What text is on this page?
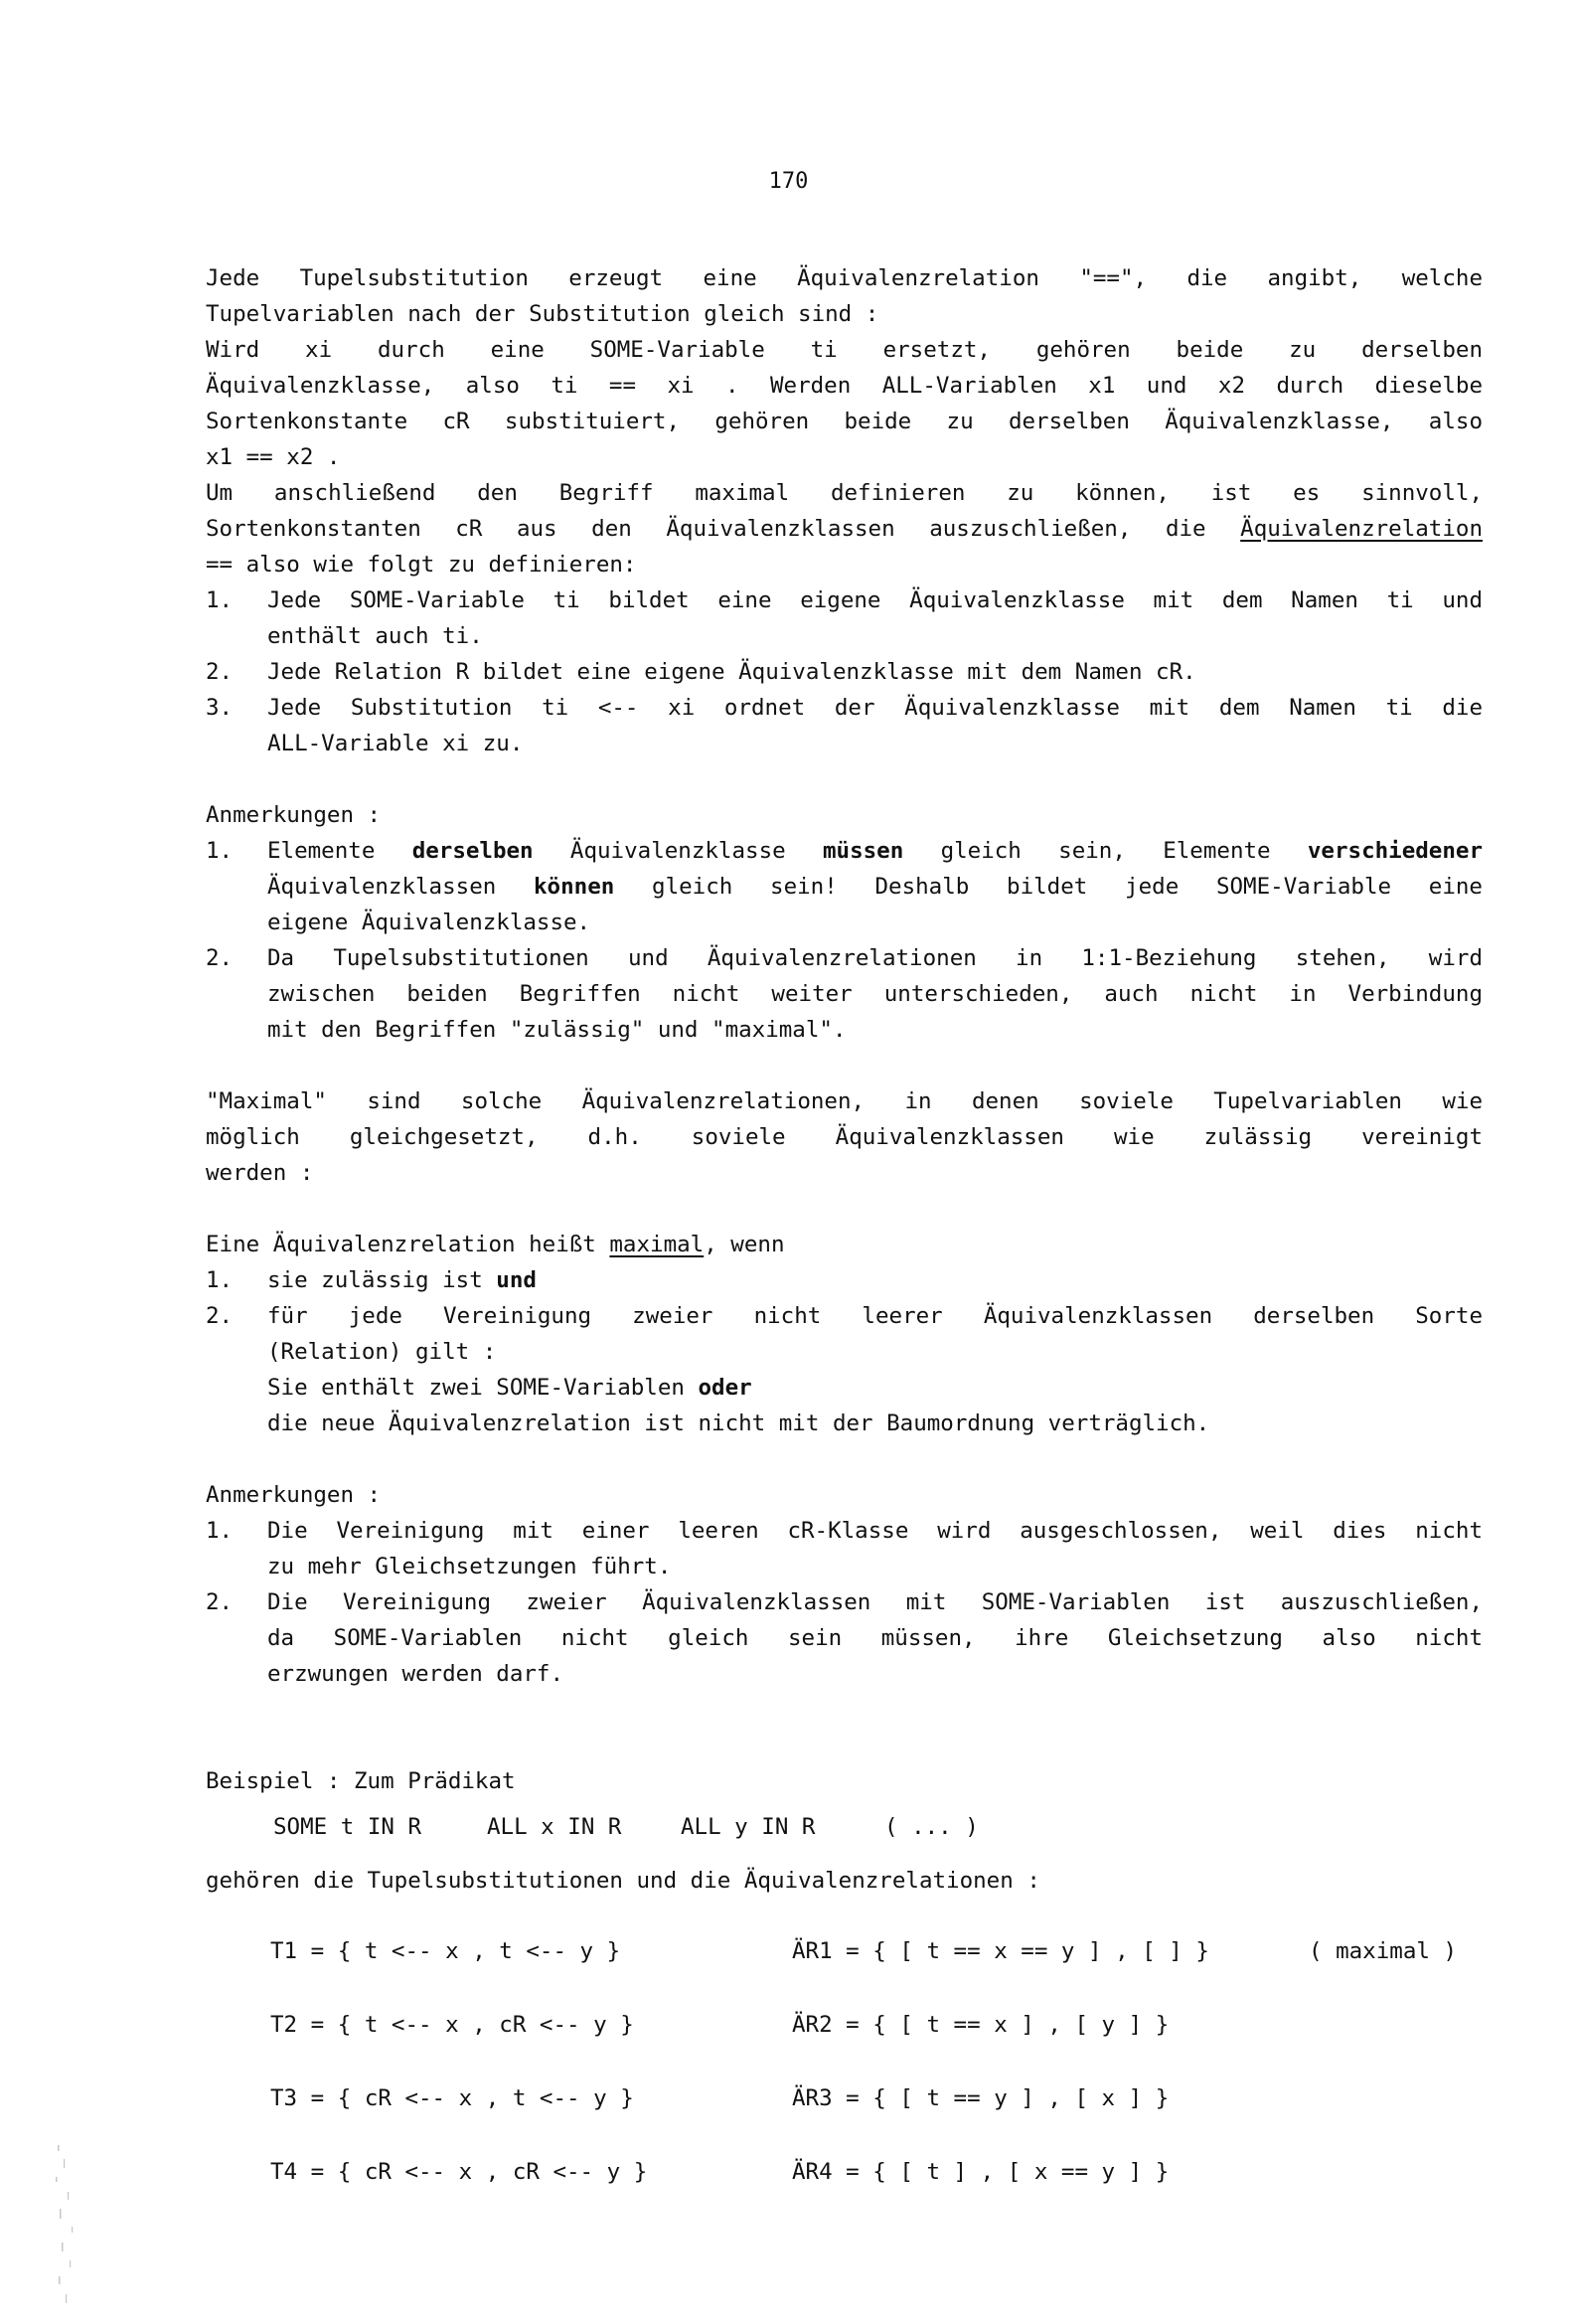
170

Jede Tupelsubstitution erzeugt eine Äquivalenzrelation "==", die angibt, welche

Tupelvariablen nach der Substitution gleich sind :

Wird xi durch eine SOME-Variable ti ersetzt, gehören beide zu derselben

Äquivalenzklasse, also ti == xi . Werden ALL-Variablen x1 und x2 durch dieselbe

Sortenkonstante cR substituiert, gehören beide zu derselben Äquivalenzklasse, also

x1 == x2 .

Um anschließend den Begriff maximal definieren zu können, ist es sinnvoll,

Sortenkonstanten cR aus den Äquivalenzklassen auszuschließen, die Äquivalenzrelation

== also wie folgt zu definieren:

1.	Jede SOME-Variable ti bildet eine eigene Äquivalenzklasse mit dem Namen ti und

enthält auch ti.

2.	Jede Relation R bildet eine eigene Äquivalenzklasse mit dem Namen cR.

3.	Jede Substitution ti <-- xi ordnet der Äquivalenzklasse mit dem Namen ti die

ALL-Variable xi zu.

Anmerkungen :

1.	Elemente derselben Äquivalenzklasse müssen gleich sein, Elemente verschiedener

Äquivalenzklassen können gleich sein! Deshalb bildet jede SOME-Variable eine

eigene Äquivalenzklasse.

2.	Da Tupelsubstitutionen und Äquivalenzrelationen in 1:1-Beziehung stehen, wird

zwischen beiden Begriffen nicht weiter unterschieden, auch nicht in Verbindung

mit den Begriffen "zulässig" und "maximal".

"Maximal" sind solche Äquivalenzrelationen, in denen soviele Tupelvariablen wie

möglich gleichgesetzt, d.h. soviele Äquivalenzklassen wie zulässig vereinigt

werden :

Eine Äquivalenzrelation heißt maximal, wenn

1.	sie zulässig ist und

2.	für jede Vereinigung zweier nicht leerer Äquivalenzklassen derselben Sorte

(Relation) gilt :

Sie enthält zwei SOME-Variablen oder

die neue Äquivalenzrelation ist nicht mit der Baumordnung verträglich.

Anmerkungen :

1.	Die Vereinigung mit einer leeren cR-Klasse wird ausgeschlossen, weil dies nicht

zu mehr Gleichsetzungen führt.

2.	Die Vereinigung zweier Äquivalenzklassen mit SOME-Variablen ist auszuschließen,

da SOME-Variablen nicht gleich sein müssen, ihre Gleichsetzung also nicht

erzwungen werden darf.

Beispiel : Zum Prädikat

SOME t IN R	ALL x IN R	ALL y IN R	( ... )

gehören die Tupelsubstitutionen und die Äquivalenzrelationen :

T1 = { t <-- x , t <-- y }	ÄR1 = { [ t == x == y ] , [ ] }	( maximal )
T2 = { t <-- x , cR <-- y }	ÄR2 = { [ t == x ] , [ y ] }
T3 = { cR <-- x , t <-- y }	ÄR3 = { [ t == y ] , [ x ] }
T4 = { cR <-- x , cR <-- y }	ÄR4 = { [ t ] , [ x == y ] }
